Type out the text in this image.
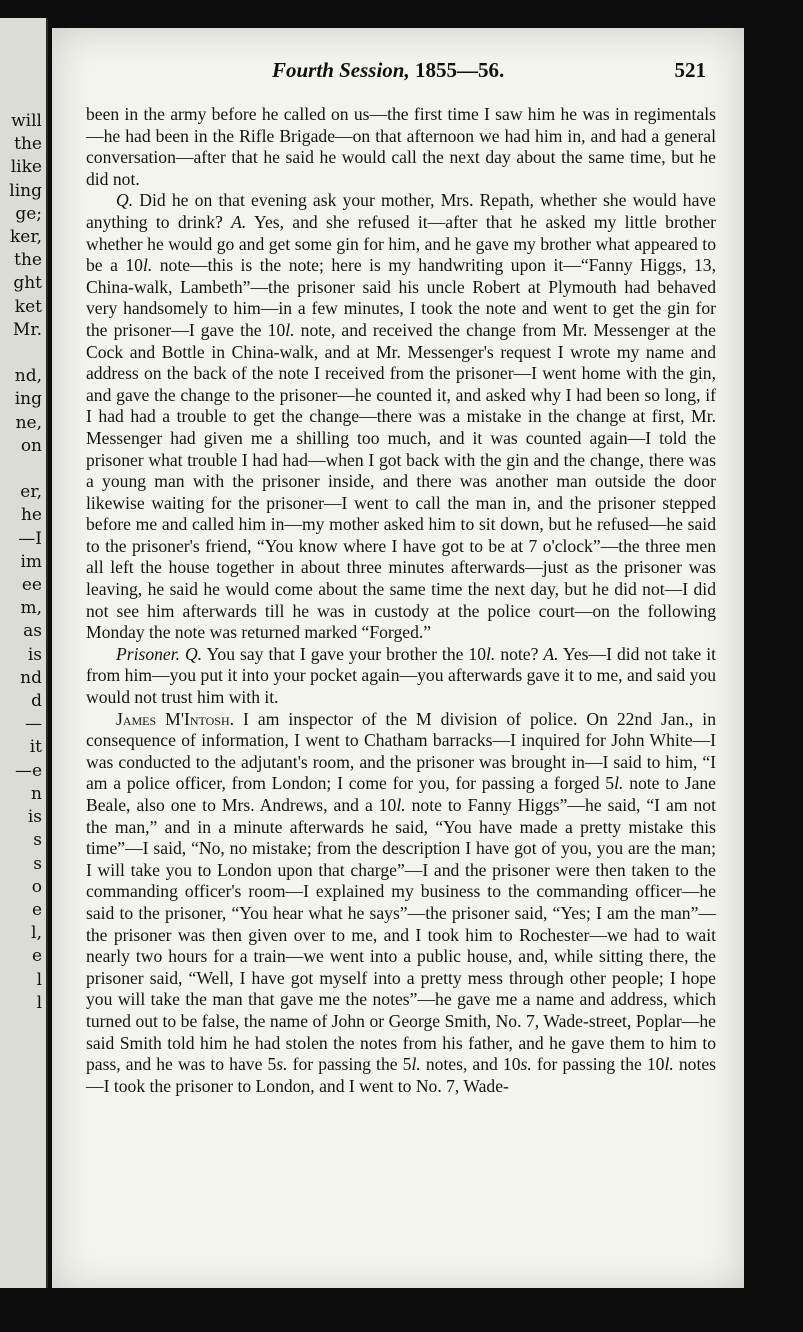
will
the
like
ling
ge;
ker,
the
ght
ket
Mr.

nd,
ing
ne,
on

er,
he
—I
im
ee
m,
as
is
nd
d
—
it
—e
n
is
s
s
o
e
l,
e
l
l

Fourth Session, 1855—56.	521

been in the army before he called on us—the first time I saw him he was in regimentals—he had been in the Rifle Brigade—on that afternoon we had him in, and had a general conversation—after that he said he would call the next day about the same time, but he did not.

Q. Did he on that evening ask your mother, Mrs. Repath, whether she would have anything to drink? A. Yes, and she refused it—after that he asked my little brother whether he would go and get some gin for him, and he gave my brother what appeared to be a 10l. note—this is the note; here is my handwriting upon it—“Fanny Higgs, 13, China-walk, Lambeth”—the prisoner said his uncle Robert at Plymouth had behaved very handsomely to him—in a few minutes, I took the note and went to get the gin for the prisoner—I gave the 10l. note, and received the change from Mr. Messenger at the Cock and Bottle in China-walk, and at Mr. Messenger's request I wrote my name and address on the back of the note I received from the prisoner—I went home with the gin, and gave the change to the prisoner—he counted it, and asked why I had been so long, if I had had a trouble to get the change—there was a mistake in the change at first, Mr. Messenger had given me a shilling too much, and it was counted again—I told the prisoner what trouble I had had—when I got back with the gin and the change, there was a young man with the prisoner inside, and there was another man outside the door likewise waiting for the prisoner—I went to call the man in, and the prisoner stepped before me and called him in—my mother asked him to sit down, but he refused—he said to the prisoner's friend, “You know where I have got to be at 7 o'clock”—the three men all left the house together in about three minutes afterwards—just as the prisoner was leaving, he said he would come about the same time the next day, but he did not—I did not see him afterwards till he was in custody at the police court—on the following Monday the note was returned marked “Forged.”

Prisoner. Q. You say that I gave your brother the 10l. note? A. Yes—I did not take it from him—you put it into your pocket again—you afterwards gave it to me, and said you would not trust him with it.

James M'Intosh. I am inspector of the M division of police. On 22nd Jan., in consequence of information, I went to Chatham barracks—I inquired for John White—I was conducted to the adjutant's room, and the prisoner was brought in—I said to him, “I am a police officer, from London; I come for you, for passing a forged 5l. note to Jane Beale, also one to Mrs. Andrews, and a 10l. note to Fanny Higgs”—he said, “I am not the man,” and in a minute afterwards he said, “You have made a pretty mistake this time”—I said, “No, no mistake; from the description I have got of you, you are the man; I will take you to London upon that charge”—I and the prisoner were then taken to the commanding officer's room—I explained my business to the commanding officer—he said to the prisoner, “You hear what he says”—the prisoner said, “Yes; I am the man”—the prisoner was then given over to me, and I took him to Rochester—we had to wait nearly two hours for a train—we went into a public house, and, while sitting there, the prisoner said, “Well, I have got myself into a pretty mess through other people; I hope you will take the man that gave me the notes”—he gave me a name and address, which turned out to be false, the name of John or George Smith, No. 7, Wade-street, Poplar—he said Smith told him he had stolen the notes from his father, and he gave them to him to pass, and he was to have 5s. for passing the 5l. notes, and 10s. for passing the 10l. notes—I took the prisoner to London, and I went to No. 7, Wade-
